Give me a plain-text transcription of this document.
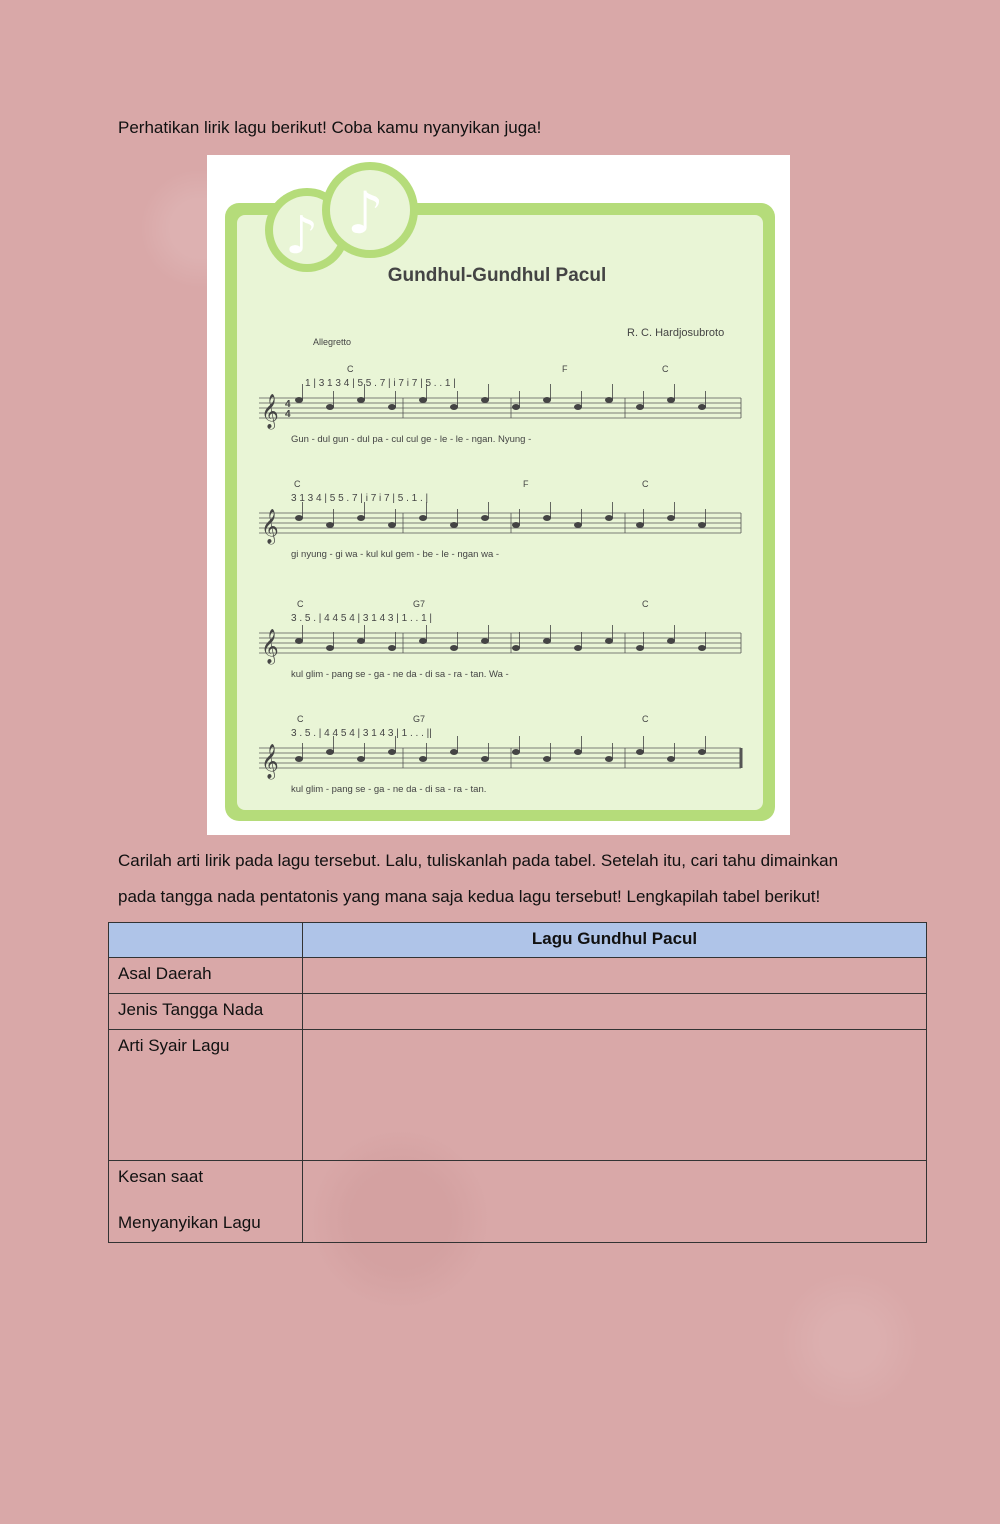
Perhatikan lirik lagu berikut! Coba kamu nyanyikan juga!
♪ ♪
Gundhul-Gundhul Pacul
Allegretto
R. C. Hardjosubroto
C	F	C
1 | 3 1 3 4 | 5 5 . 7 | i 7 i 7 | 5 . . 1 |
𝄞 4
4
Gun - dul gun - dul pa - cul cul ge - le - le - ngan. Nyung -
C	F	C
3 1 3 4 | 5 5 . 7 | i 7 i 7 | 5 . 1 . |
𝄞
gi nyung - gi wa - kul kul gem - be - le - ngan wa -
C	G7	C
3 . 5 . | 4 4 5 4 | 3 1 4 3 | 1 . . 1 |
𝄞
kul glim - pang se - ga - ne da - di sa - ra - tan. Wa -
C	G7	C
3 . 5 . | 4 4 5 4 | 3 1 4 3 | 1 . . . ||
𝄞
kul glim - pang se - ga - ne da - di sa - ra - tan.
Carilah arti lirik pada lagu tersebut. Lalu, tuliskanlah pada tabel. Setelah itu, cari tahu dimainkan
pada tangga nada pentatonis yang mana saja kedua lagu tersebut! Lengkapilah tabel berikut!
	Lagu Gundhul Pacul
Asal Daerah	
Jenis Tangga Nada	
Arti Syair Lagu	
Kesan saat
Menyanyikan Lagu	
